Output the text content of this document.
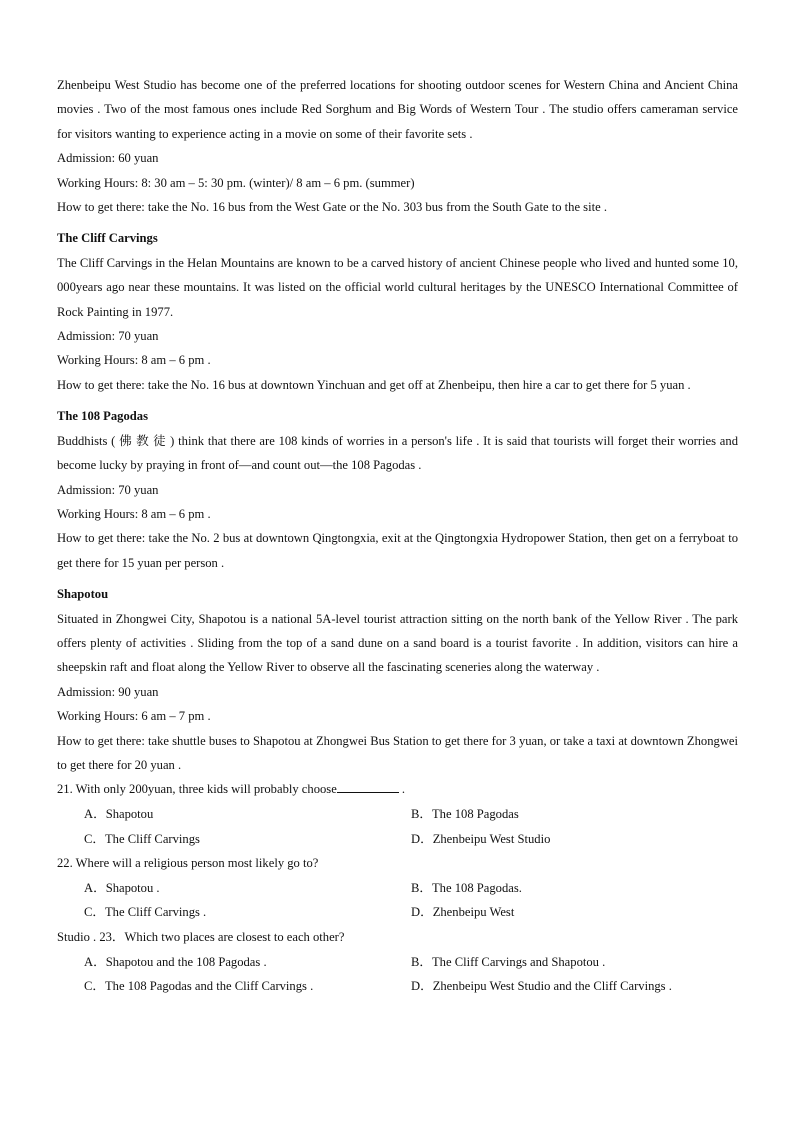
Zhenbeipu West Studio has become one of the preferred locations for shooting outdoor scenes for Western China and Ancient China movies . Two of the most famous ones include Red Sorghum and Big Words of Western Tour . The studio offers cameraman service for visitors wanting to experience acting in a movie on some of their favorite sets .

Admission: 60 yuan

Working Hours: 8: 30 am – 5: 30 pm. (winter)/ 8 am – 6 pm. (summer)

How to get there: take the No. 16 bus from the West Gate or the No. 303 bus from the South Gate to the site .

The Cliff Carvings

The Cliff Carvings in the Helan Mountains are known to be a carved history of ancient Chinese people who lived and hunted some 10, 000years ago near these mountains. It was listed on the official world cultural heritages by the UNESCO International Committee of Rock Painting in 1977.

Admission: 70 yuan

Working Hours: 8 am – 6 pm .

How to get there: take the No. 16 bus at downtown Yinchuan and get off at Zhenbeipu, then hire a car to get there for 5 yuan .

The 108 Pagodas

Buddhists ( 佛 教 徒 ) think that there are 108 kinds of worries in a person's life . It is said that tourists will forget their worries and become lucky by praying in front of—and count out—the 108 Pagodas .

Admission: 70 yuan

Working Hours: 8 am – 6 pm .

How to get there: take the No. 2 bus at downtown Qingtongxia, exit at the Qingtongxia Hydropower Station, then get on a ferryboat to get there for 15 yuan per person .

Shapotou

Situated in Zhongwei City, Shapotou is a national 5A-level tourist attraction sitting on the north bank of the Yellow River . The park offers plenty of activities . Sliding from the top of a sand dune on a sand board is a tourist favorite . In addition, visitors can hire a sheepskin raft and float along the Yellow River to observe all the fascinating sceneries along the waterway .

Admission: 90 yuan

Working Hours: 6 am – 7 pm .

How to get there: take shuttle buses to Shapotou at Zhongwei Bus Station to get there for 3 yuan, or take a taxi at downtown Zhongwei to get there for 20 yuan .

21. With only 200yuan, three kids will probably choose	.

A．Shapotou	B．The 108 Pagodas
C．The Cliff Carvings	D．Zhenbeipu West Studio

22. Where will a religious person most likely go to?

A．Shapotou .	B．The 108 Pagodas.
C．The Cliff Carvings .	D．Zhenbeipu West

Studio . 23．Which two places are closest to each other?

A．Shapotou and the 108 Pagodas .	B．The Cliff Carvings and Shapotou .
C．The 108 Pagodas and the Cliff Carvings .	D．Zhenbeipu West Studio and the Cliff Carvings .
